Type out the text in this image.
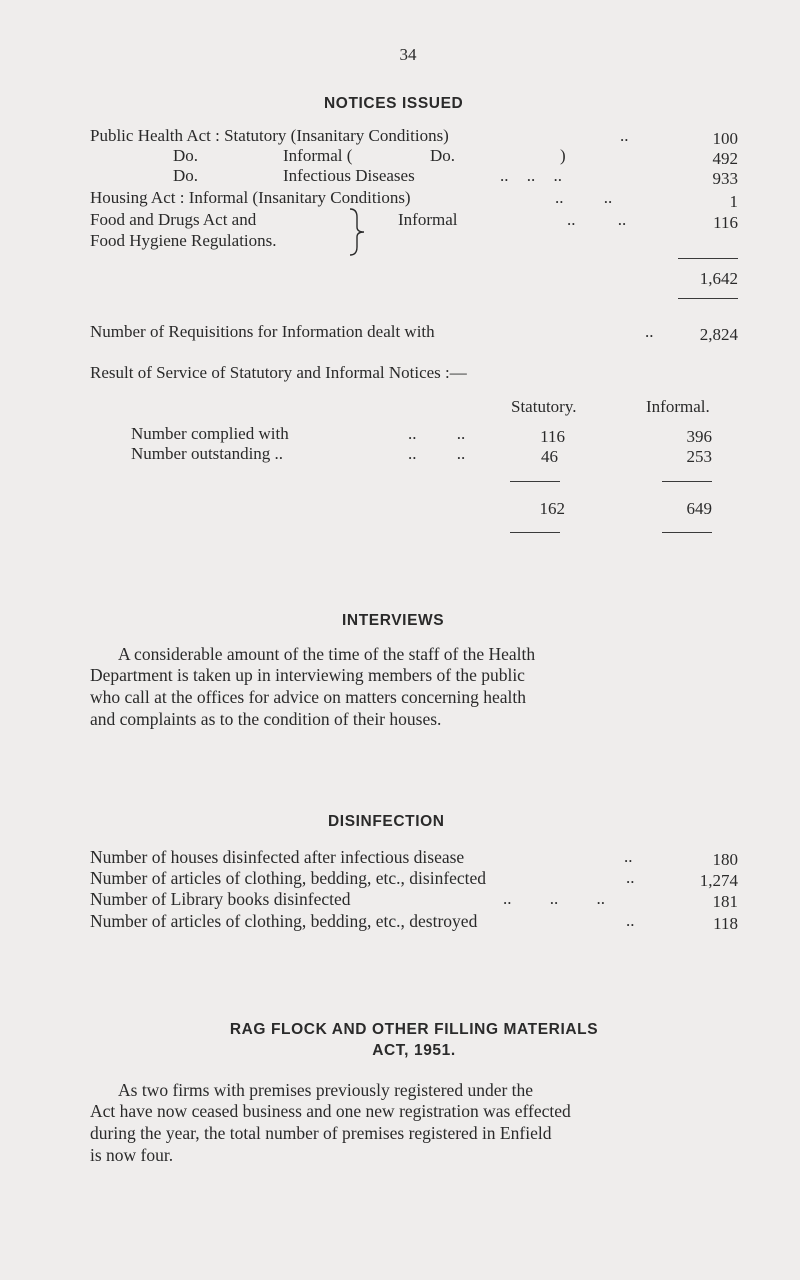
34
NOTICES ISSUED
Public Health Act : Statutory (Insanitary Conditions)	..	100
Do.	Informal (	Do.	)	492
Do.	Infectious Diseases	.. .. ..	933
Housing Act : Informal (Insanitary Conditions)	.. ..	1
Food and Drugs Act and
Food Hygiene Regulations.
Informal	.. ..	116
1,642
Number of Requisitions for Information dealt with	..	2,824
Result of Service of Statutory and Informal Notices :—
Statutory.	Informal.
Number complied with	.. ..	116	396
Number outstanding ..	.. ..	46	253
162	649
INTERVIEWS
A considerable amount of the time of the staff of the Health
Department is taken up in interviewing members of the public
who call at the offices for advice on matters concerning health
and complaints as to the condition of their houses.
DISINFECTION
Number of houses disinfected after infectious disease	..	180
Number of articles of clothing, bedding, etc., disinfected	..	1,274
Number of Library books disinfected	.. .. ..	181
Number of articles of clothing, bedding, etc., destroyed	..	118
RAG FLOCK AND OTHER FILLING MATERIALS
ACT, 1951.
As two firms with premises previously registered under the
Act have now ceased business and one new registration was effected
during the year, the total number of premises registered in Enfield
is now four.
